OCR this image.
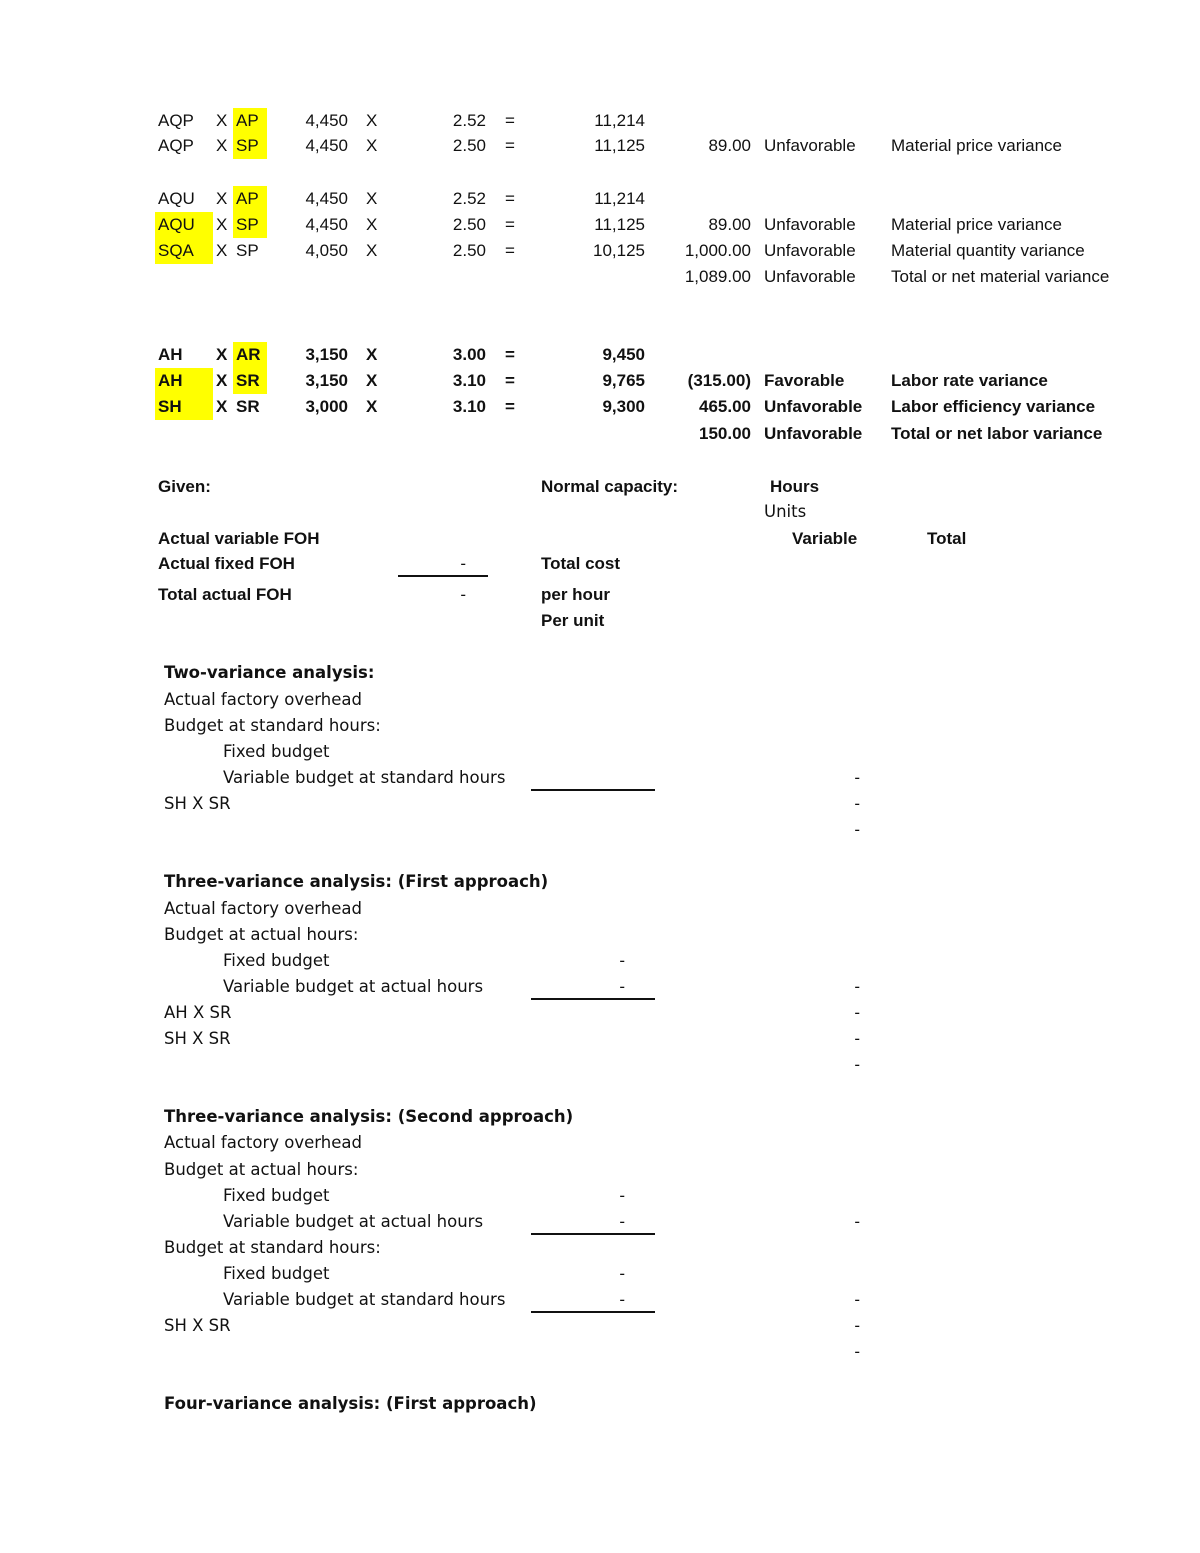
AQP	X AP	4,450 X	2.52 =	11,214
AQP	X SP	4,450 X	2.50 =	11,125	89.00 Unfavorable	Material price variance
AQU	X AP	4,450 X	2.52 =	11,214
AQU	X SP	4,450 X	2.50 =	11,125	89.00 Unfavorable	Material price variance
SQA	X SP	4,050 X	2.50 =	10,125	1,000.00 Unfavorable	Material quantity variance
1,089.00 Unfavorable	Total or net material variance
AH	X AR	3,150 X	3.00 =	9,450
AH	X SR	3,150 X	3.10 =	9,765	(315.00) Favorable	Labor rate variance
SH	X SR	3,000 X	3.10 =	9,300	465.00 Unfavorable	Labor efficiency variance
150.00 Unfavorable	Total or net labor variance
Given:	Normal capacity:	Hours
Units
Actual variable FOH	Variable	Total
Actual fixed FOH	-	Total cost
Total actual FOH	-	per hour
Per unit
Two-variance analysis:
Actual factory overhead
Budget at standard hours:
Fixed budget
Variable budget at standard hours	-
SH X SR	-
-
Three-variance analysis: (First approach)
Actual factory overhead
Budget at actual hours:
Fixed budget	-
Variable budget at actual hours	-	-
AH X SR	-
SH X SR	-
-
Three-variance analysis: (Second approach)
Actual factory overhead
Budget at actual hours:
Fixed budget	-
Variable budget at actual hours	-	-
Budget at standard hours:
Fixed budget	-
Variable budget at standard hours	-	-
SH X SR	-
-
Four-variance analysis: (First approach)
